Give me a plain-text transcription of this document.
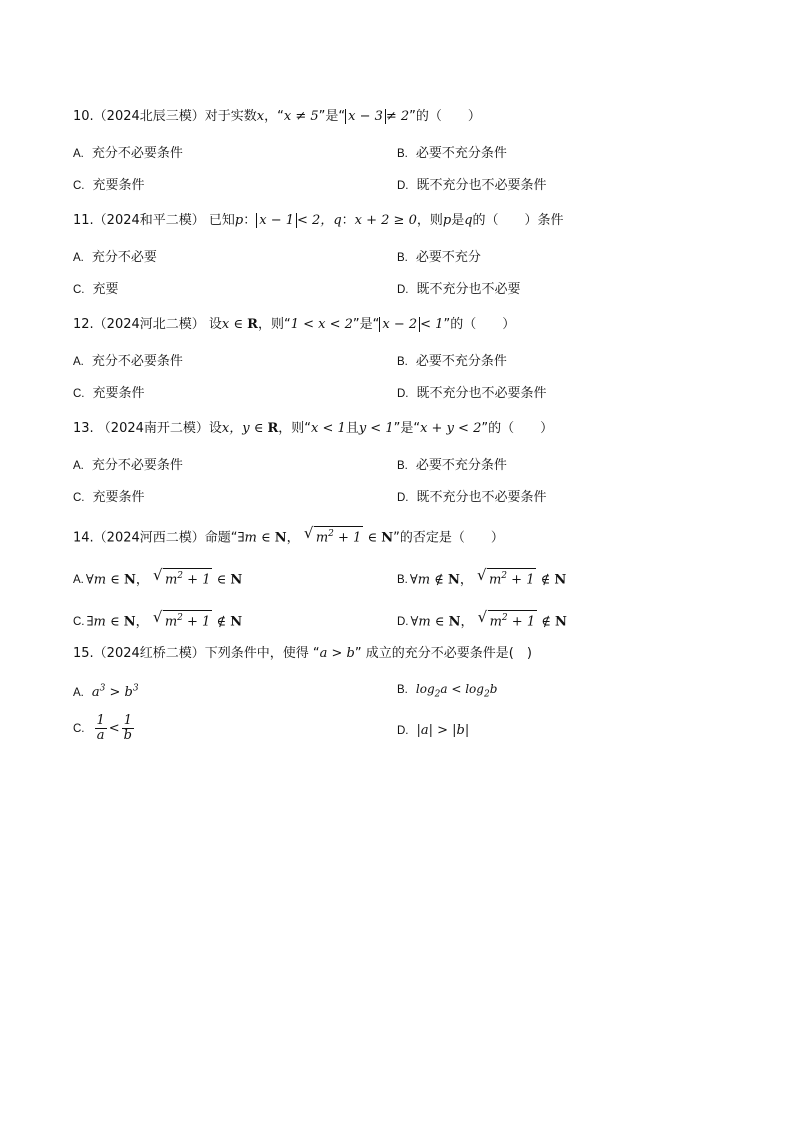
10.（2024北辰三模）对于实数x，“x ≠ 5”是“ x − 3 ≠ 2”的（　　）
A. 充分不必要条件	B. 必要不充分条件
C. 充要条件	D. 既不充分也不必要条件
11.（2024和平二模） 已知p： x − 1 < 2，q：x + 2 ≥ 0，则p是q的（　　）条件
A. 充分不必要	B. 必要不充分
C. 充要	D. 既不充分也不必要
12.（2024河北二模） 设x ∈ R，则“1 < x < 2”是“ x − 2 < 1”的（　　）
A. 充分不必要条件	B. 必要不充分条件
C. 充要条件	D. 既不充分也不必要条件
13. （2024南开二模）设x，y ∈ R，则“x < 1且y < 1”是“x + y < 2”的（　　）
A. 充分不必要条件	B. 必要不充分条件
C. 充要条件	D. 既不充分也不必要条件
14.（2024河西二模）命题“∃m ∈ N， √ $m^2 + 1$ ∈ N”的否定是（　　）
A. ∀m ∈ N， √ $m^2 + 1$ ∈ N	B. ∀m ∉ N， √ $m^2 + 1$ ∉ N
C. ∃m ∈ N， √ $m^2 + 1$ ∉ N	D. ∀m ∈ N， √ $m^2 + 1$ ∉ N
15.（2024红桥二模）下列条件中，使得 “a > b” 成立的充分不必要条件是(　)
A. $a^3 > b^3$	B. $\log_2a < \log_2b$
C. $\frac{1}{a} < \frac{1}{b}$	D. |a| > |b|
